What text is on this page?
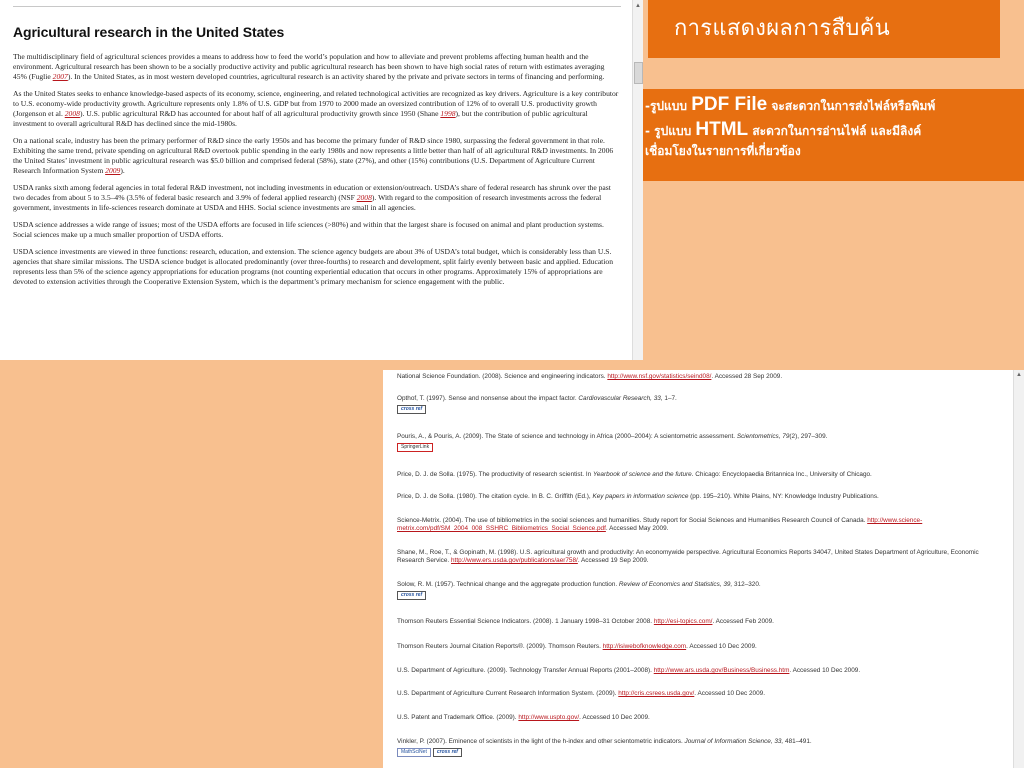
Agricultural research in the United States

The multidisciplinary field of agricultural sciences provides a means to address how to feed the world’s population and how to alleviate and prevent problems affecting human health and the environment. Agricultural research has been shown to be a socially productive activity and public agricultural research has been shown to have high social rates of return with estimates averaging 45% (Fuglie 2007). In the United States, as in most western developed countries, agricultural research is an activity shared by the private and private sectors in terms of financing and performing.

As the United States seeks to enhance knowledge-based aspects of its economy, science, engineering, and related technological activities are recognized as key drivers. Agriculture is a key contributor to U.S. economy-wide productivity growth. Agriculture represents only 1.8% of U.S. GDP but from 1970 to 2000 made an oversized contribution of 12% of to overall U.S. productivity growth (Jorgenson et al. 2008). U.S. public agricultural R&D has accounted for about half of all agricultural productivity growth since 1950 (Shane 1998), but the contribution of public agricultural investment to overall agricultural R&D has declined since the mid-1980s.

On a national scale, industry has been the primary performer of R&D since the early 1950s and has become the primary funder of R&D since 1980, surpassing the federal government in that role. Exhibiting the same trend, private spending on agricultural R&D overtook public spending in the early 1980s and now represents a little better than half of all agricultural R&D investments. In 2006 the United States’ investment in public agricultural research was $5.0 billion and comprised federal (58%), state (27%), and other (15%) contributions (U.S. Department of Agriculture Current Research Information System 2009).

USDA ranks sixth among federal agencies in total federal R&D investment, not including investments in education or extension/outreach. USDA’s share of federal research has shrunk over the past two decades from about 5 to 3.5–4% (3.5% of federal basic research and 3.9% of federal applied research) (NSF 2008). With regard to the composition of research investments across the federal government, investments in life-sciences research dominate at USDA and HHS. Social science investments are small in all agencies.

USDA science addresses a wide range of issues; most of the USDA efforts are focused in life sciences (>80%) and within that the largest share is focused on animal and plant production systems. Social sciences make up a much smaller proportion of USDA efforts.

USDA science investments are viewed in three functions: research, education, and extension. The science agency budgets are about 3% of USDA’s total budget, which is considerably less than U.S. agencies that share similar missions. The USDA science budget is allocated predominantly (over three-fourths) to research and development, split fairly evenly between basic and applied. Education represents less than 5% of the science agency appropriations for education programs (not counting experiential education that occurs in other programs. Approximately 15% of appropriations are devoted to extension activities through the Cooperative Extension System, which is the department’s primary mechanism for science engagement with the public.

▲
การแสดงผลการสืบค้น
-รูปแบบ PDF File จะสะดวกในการส่งไฟล์หรือพิมพ์
- รูปแบบ HTML สะดวกในการอ่านไฟล์ และมีลิงค์
เชื่อมโยงในรายการที่เกี่ยวข้อง
National Science Foundation. (2008). Science and engineering indicators. http://www.nsf.gov/statistics/seind08/. Accessed 28 Sep 2009.
Opthof, T. (1997). Sense and nonsense about the impact factor. Cardiovascular Research, 33, 1–7.
cross ref
Pouris, A., & Pouris, A. (2009). The State of science and technology in Africa (2000–2004): A scientometric assessment. Scientometrics, 79(2), 297–309.
SpringerLink
Price, D. J. de Solla. (1975). The productivity of research scientist. In Yearbook of science and the future. Chicago: Encyclopaedia Britannica Inc., University of Chicago.
Price, D. J. de Solla. (1980). The citation cycle. In B. C. Griffith (Ed.), Key papers in information science (pp. 195–210). White Plains, NY: Knowledge Industry Publications.
Science-Metrix. (2004). The use of bibliometrics in the social sciences and humanities. Study report for Social Sciences and Humanities Research Council of Canada. http://www.science-metrix.com/pdf/SM_2004_008_SSHRC_Bibliometrics_Social_Science.pdf. Accessed May 2009.
Shane, M., Roe, T., & Gopinath, M. (1998). U.S. agricultural growth and productivity: An economywide perspective. Agricultural Economics Reports 34047, United States Department of Agriculture, Economic Research Service. http://www.ers.usda.gov/publications/aer758/. Accessed 19 Sep 2009.
Solow, R. M. (1957). Technical change and the aggregate production function. Review of Economics and Statistics, 39, 312–320.
cross ref
Thomson Reuters Essential Science Indicators. (2008). 1 January 1998–31 October 2008. http://esi-topics.com/. Accessed Feb 2009.
Thomson Reuters Journal Citation Reports®. (2009). Thomson Reuters. http://isiwebofknowledge.com. Accessed 10 Dec 2009.
U.S. Department of Agriculture. (2009). Technology Transfer Annual Reports (2001–2008). http://www.ars.usda.gov/Business/Business.htm. Accessed 10 Dec 2009.
U.S. Department of Agriculture Current Research Information System. (2009). http://cris.csrees.usda.gov/. Accessed 10 Dec 2009.
U.S. Patent and Trademark Office. (2009). http://www.uspto.gov/. Accessed 10 Dec 2009.
Vinkler, P. (2007). Eminence of scientists in the light of the h-index and other scientometric indicators. Journal of Information Science, 33, 481–491.
MathSciNet cross ref
▲
